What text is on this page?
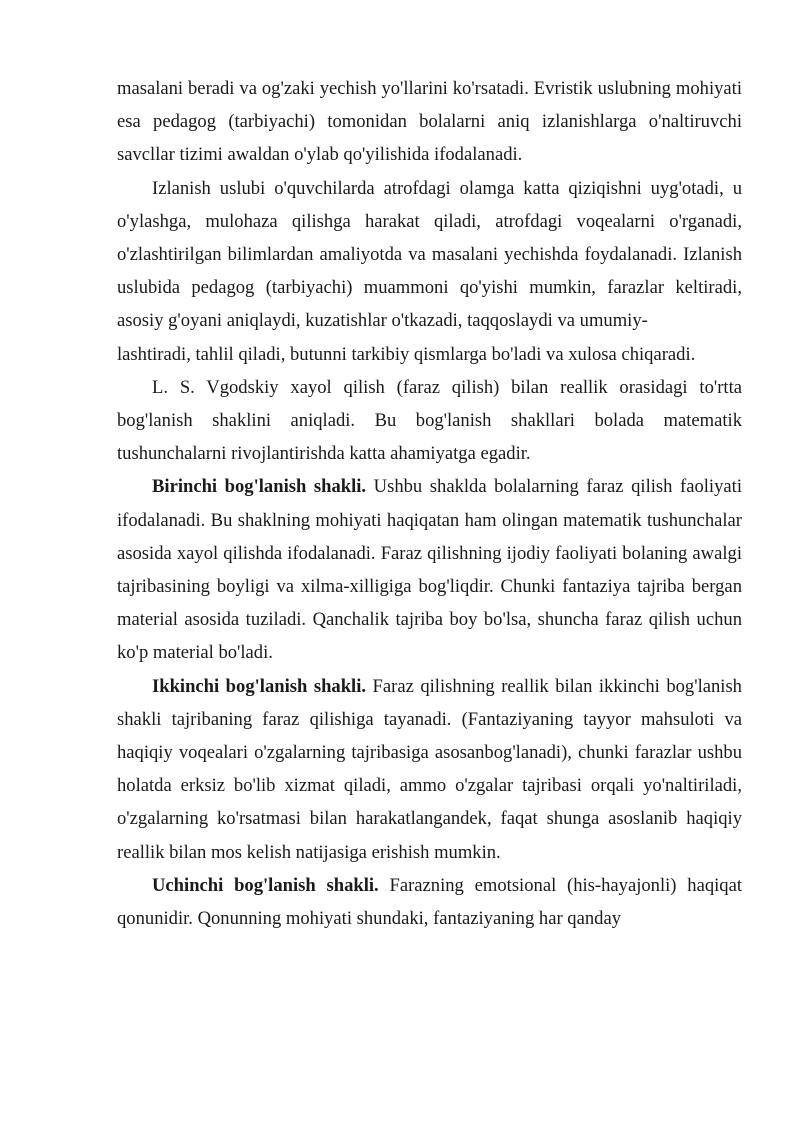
masalani beradi va og'zaki yechish yo'llarini ko'rsatadi. Evristik uslubning mohiyati esa pedagog (tarbiyachi) tomonidan bolalarni aniq izlanishlarga o'naltiruvchi savcllar tizimi awaldan o'ylab qo'yilishida ifodalanadi.

Izlanish uslubi o'quvchilarda atrofdagi olamga katta qiziqishni uyg'otadi, u o'ylashga, mulohaza qilishga harakat qiladi, atrofdagi voqealarni o'rganadi, o'zlashtirilgan bilimlardan amaliyotda va masalani yechishda foydalanadi. Izlanish uslubida pedagog (tarbiyachi) muammoni qo'yishi mumkin, farazlar keltiradi, asosiy g'oyani aniqlaydi, kuzatishlar o'tkazadi, taqqoslaydi va umumiy-

lashtiradi, tahlil qiladi, butunni tarkibiy qismlarga bo'ladi va xulosa chiqaradi.

L. S. Vgodskiy xayol qilish (faraz qilish) bilan reallik orasidagi to'rtta bog'lanish shaklini aniqladi. Bu bog'lanish shakllari bolada matematik tushunchalarni rivojlantirishda katta ahamiyatga egadir.

Birinchi bog'lanish shakli. Ushbu shaklda bolalarning faraz qilish faoliyati ifodalanadi. Bu shaklning mohiyati haqiqatan ham olingan matematik tushunchalar asosida xayol qilishda ifodalanadi. Faraz qilishning ijodiy faoliyati bolaning awalgi tajribasining boyligi va xilma-xilligiga bog'liqdir. Chunki fantaziya tajriba bergan material asosida tuziladi. Qanchalik tajriba boy bo'lsa, shuncha faraz qilish uchun ko'p material bo'ladi.

Ikkinchi bog'lanish shakli. Faraz qilishning reallik bilan ikkinchi bog'lanish shakli tajribaning faraz qilishiga tayanadi. (Fantaziyaning tayyor mahsuloti va haqiqiy voqealari o'zgalarning tajribasiga asosanbog'lanadi), chunki farazlar ushbu holatda erksiz bo'lib xizmat qiladi, ammo o'zgalar tajribasi orqali yo'naltiriladi, o'zgalarning ko'rsatmasi bilan harakatlangandek, faqat shunga asoslanib haqiqiy reallik bilan mos kelish natijasiga erishish mumkin.

Uchinchi bog'lanish shakli. Farazning emotsional (his-hayajonli) haqiqat qonunidir. Qonunning mohiyati shundaki, fantaziyaning har qanday
